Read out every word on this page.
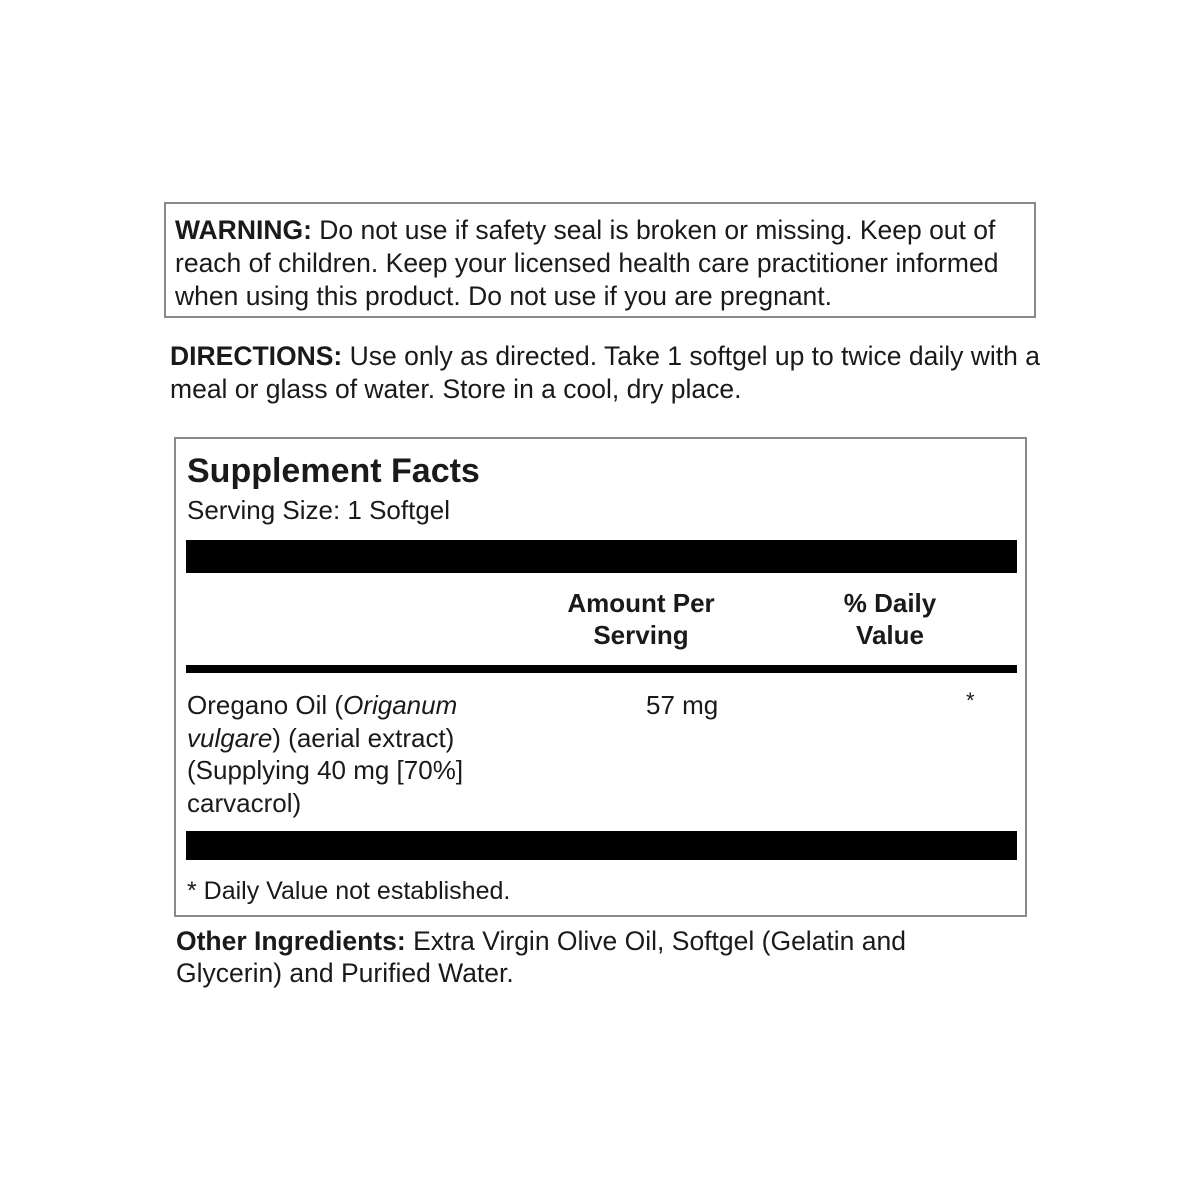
WARNING: Do not use if safety seal is broken or missing. Keep out of reach of children. Keep your licensed health care practitioner informed when using this product. Do not use if you are pregnant.
DIRECTIONS: Use only as directed. Take 1 softgel up to twice daily with a meal or glass of water. Store in a cool, dry place.
Supplement Facts
Serving Size: 1 Softgel
Amount Per
Serving
% Daily
Value
Oregano Oil (Origanum vulgare) (aerial extract) (Supplying 40 mg [70%] carvacrol)
57 mg	*
* Daily Value not established.
Other Ingredients: Extra Virgin Olive Oil, Softgel (Gelatin and Glycerin) and Purified Water.
